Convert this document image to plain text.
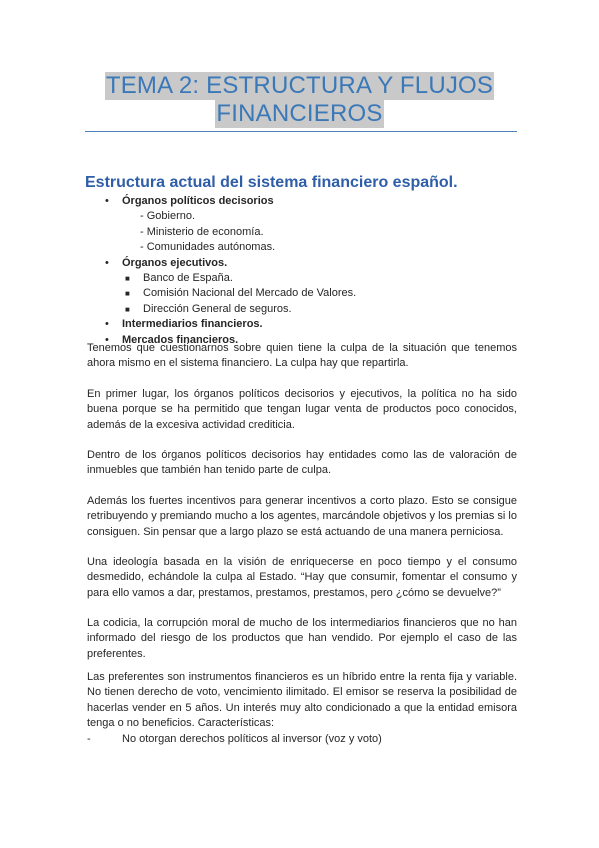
TEMA 2: ESTRUCTURA Y FLUJOS
FINANCIEROS
Estructura actual del sistema financiero español.
• Órganos políticos decisorios
- Gobierno.
- Ministerio de economía.
- Comunidades autónomas.
• Órganos ejecutivos.
■ Banco de España.
■ Comisión Nacional del Mercado de Valores.
■ Dirección General de seguros.
• Intermediarios financieros.
• Mercados financieros.

Tenemos que cuestionarnos sobre quien tiene la culpa de la situación que tenemos ahora mismo en el sistema financiero. La culpa hay que repartirla.

En primer lugar, los órganos políticos decisorios y ejecutivos, la política no ha sido buena porque se ha permitido que tengan lugar venta de productos poco conocidos, además de la excesiva actividad crediticia.

Dentro de los órganos políticos decisorios hay entidades como las de valoración de inmuebles que también han tenido parte de culpa.

Además los fuertes incentivos para generar incentivos a corto plazo. Esto se consigue retribuyendo y premiando mucho a los agentes, marcándole objetivos y los premias si lo consiguen. Sin pensar que a largo plazo se está actuando de una manera perniciosa.

Una ideología basada en la visión de enriquecerse en poco tiempo y el consumo desmedido, echándole la culpa al Estado. “Hay que consumir, fomentar el consumo y para ello vamos a dar, prestamos, prestamos, prestamos, pero ¿cómo se devuelve?”

La codicia, la corrupción moral de mucho de los intermediarios financieros que no han informado del riesgo de los productos que han vendido. Por ejemplo el caso de las preferentes.

Las preferentes son instrumentos financieros es un híbrido entre la renta fija y variable. No tienen derecho de voto, vencimiento ilimitado. El emisor se reserva la posibilidad de hacerlas vender en 5 años. Un interés muy alto condicionado a que la entidad emisora tenga o no beneficios. Características:

-	No otorgan derechos políticos al inversor (voz y voto)
